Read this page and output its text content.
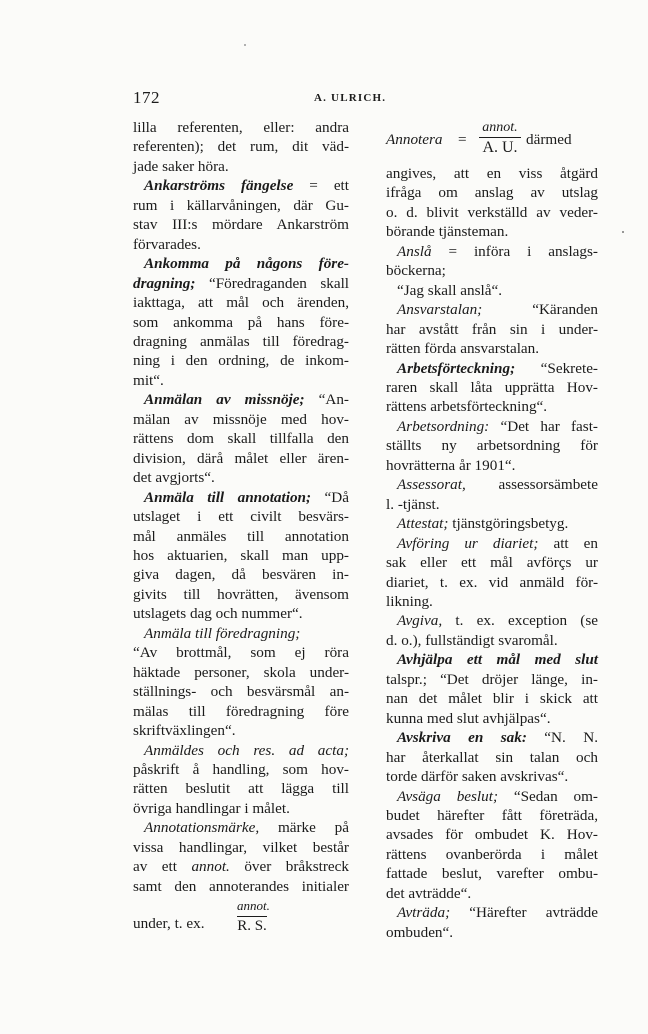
172	A. ULRICH.
lilla referenten, eller: andra
referenten); det rum, dit väd-
jade saker höra.
Ankarströms fängelse = ett
rum i källarvåningen, där Gu-
stav III:s mördare Ankarström
förvarades.
Ankomma på någons före-
dragning; “Föredraganden skall
iakttaga, att mål och ärenden,
som ankomma på hans före-
dragning anmälas till föredrag-
ning i den ordning, de inkom-
mit“.
Anmälan av missnöje; “An-
mälan av missnöje med hov-
rättens dom skall tillfalla den
division, därå målet eller ären-
det avgjorts“.
Anmäla till annotation; “Då
utslaget i ett civilt besvärs-
mål anmäles till annotation
hos aktuarien, skall man upp-
giva dagen, då besvären in-
givits till hovrätten, ävensom
utslagets dag och nummer“.
Anmäla till föredragning;
“Av brottmål, som ej röra
häktade personer, skola under-
ställnings- och besvärsmål an-
mälas till föredragning före
skriftväxlingen“.
Anmäldes och res. ad acta;
påskrift å handling, som hov-
rätten beslutit att lägga till
övriga handlingar i målet.
Annotationsmärke, märke på
vissa handlingar, vilket består
av ett annot. över bråkstreck
samt den annoterandes initialer
under, t. ex.
annot.
R. S.
Annotera =
annot.
A. U. därmed
angives, att en viss åtgärd
ifråga om anslag av utslag
o. d. blivit verkställd av veder-
börande tjänsteman.
Anslå = införa i anslags-
böckerna;
“Jag skall anslå“.
Ansvarstalan; “Käranden
har avstått från sin i under-
rätten förda ansvarstalan.
Arbetsförteckning; “Sekrete-
raren skall låta upprätta Hov-
rättens arbetsförteckning“.
Arbetsordning: “Det har fast-
ställts ny arbetsordning för
hovrätterna år 1901“.
Assessorat, assessorsämbete
l. -tjänst.
Attestat; tjänstgöringsbetyg.
Avföring ur diariet; att en
sak eller ett mål avförçs ur
diariet, t. ex. vid anmäld för-
likning.
Avgiva, t. ex. exception (se
d. o.), fullständigt svaromål.
Avhjälpa ett mål med slut
talspr.; “Det dröjer länge, in-
nan det målet blir i skick att
kunna med slut avhjälpas“.
Avskriva en sak: “N. N.
har återkallat sin talan och
torde därför saken avskrivas“.
Avsäga beslut; “Sedan om-
budet härefter fått företräda,
avsades för ombudet K. Hov-
rättens ovanberörda i målet
fattade beslut, varefter ombu-
det avträdde“.
Avträda; “Härefter avträdde
ombuden“.
